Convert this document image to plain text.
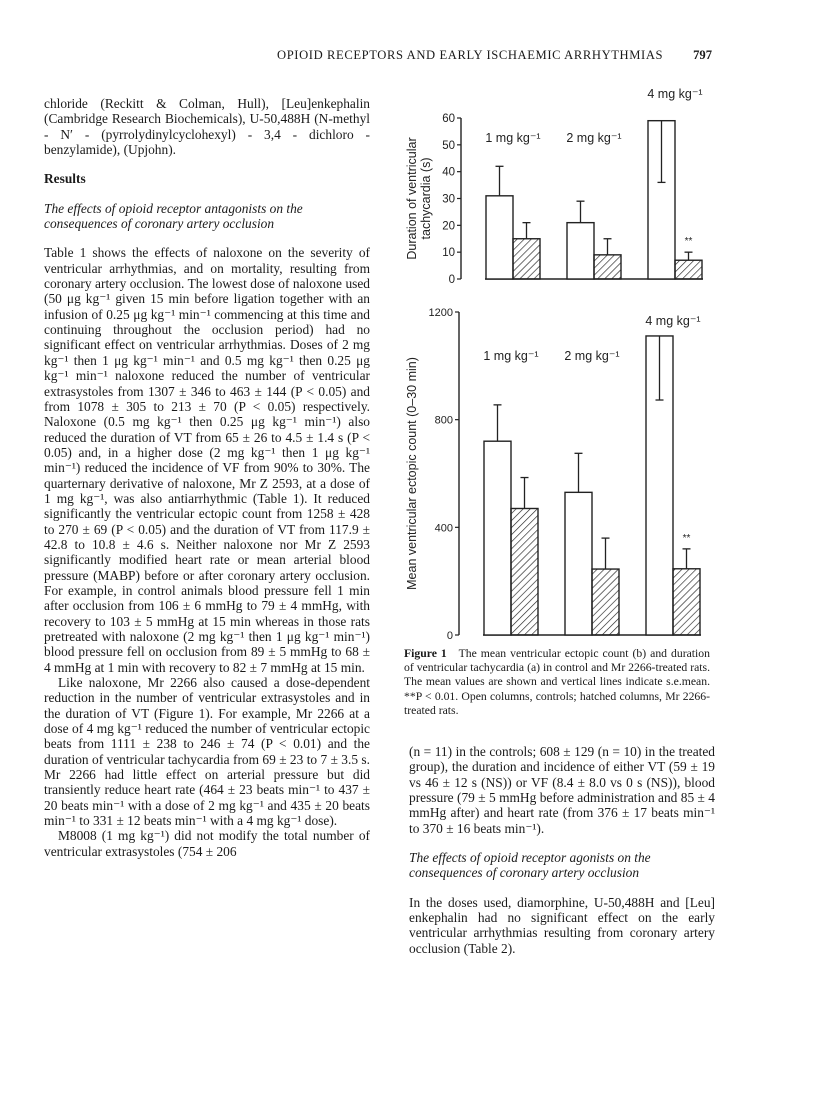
OPIOID RECEPTORS AND EARLY ISCHAEMIC ARRHYTHMIAS 797

chloride (Reckitt & Colman, Hull), [Leu]enkephalin (Cambridge Research Biochemicals), U-50,488H (N-methyl - N′ - (pyrrolydinylcyclohexyl) - 3,4 - dichloro - benzylamide), (Upjohn).

Results

The effects of opioid receptor antagonists on the consequences of coronary artery occlusion

Table 1 shows the effects of naloxone on the severity of ventricular arrhythmias, and on mortality, resulting from coronary artery occlusion. The lowest dose of naloxone used (50 μg kg⁻¹ given 15 min before ligation together with an infusion of 0.25 μg kg⁻¹ min⁻¹ commencing at this time and continuing throughout the occlusion period) had no significant effect on ventricular arrhythmias. Doses of 2 mg kg⁻¹ then 1 μg kg⁻¹ min⁻¹ and 0.5 mg kg⁻¹ then 0.25 μg kg⁻¹ min⁻¹ naloxone reduced the number of ventricular extrasystoles from 1307 ± 346 to 463 ± 144 (P < 0.05) and from 1078 ± 305 to 213 ± 70 (P < 0.05) respectively. Naloxone (0.5 mg kg⁻¹ then 0.25 μg kg⁻¹ min⁻¹) also reduced the duration of VT from 65 ± 26 to 4.5 ± 1.4 s (P < 0.05) and, in a higher dose (2 mg kg⁻¹ then 1 μg kg⁻¹ min⁻¹) reduced the incidence of VF from 90% to 30%. The quarternary derivative of naloxone, Mr Z 2593, at a dose of 1 mg kg⁻¹, was also antiarrhythmic (Table 1). It reduced significantly the ventricular ectopic count from 1258 ± 428 to 270 ± 69 (P < 0.05) and the duration of VT from 117.9 ± 42.8 to 10.8 ± 4.6 s. Neither naloxone nor Mr Z 2593 significantly modified heart rate or mean arterial blood pressure (MABP) before or after coronary artery occlusion. For example, in control animals blood pressure fell 1 min after occlusion from 106 ± 6 mmHg to 79 ± 4 mmHg, with recovery to 103 ± 5 mmHg at 15 min whereas in those rats pretreated with naloxone (2 mg kg⁻¹ then 1 μg kg⁻¹ min⁻¹) blood pressure fell on occlusion from 89 ± 5 mmHg to 68 ± 4 mmHg at 1 min with recovery to 82 ± 7 mmHg at 15 min.

Like naloxone, Mr 2266 also caused a dose-dependent reduction in the number of ventricular extrasystoles and in the duration of VT (Figure 1). For example, Mr 2266 at a dose of 4 mg kg⁻¹ reduced the number of ventricular ectopic beats from 1111 ± 238 to 246 ± 74 (P < 0.01) and the duration of ventricular tachycardia from 69 ± 23 to 7 ± 3.5 s. Mr 2266 had little effect on arterial pressure but did transiently reduce heart rate (464 ± 23 beats min⁻¹ to 437 ± 20 beats min⁻¹ with a dose of 2 mg kg⁻¹ and 435 ± 20 beats min⁻¹ to 331 ± 12 beats min⁻¹ with a 4 mg kg⁻¹ dose).

M8008 (1 mg kg⁻¹) did not modify the total number of ventricular extrasystoles (754 ± 206

0
10
20
30
40
50
60
Duration of ventricular tachycardia (s)
1 mg kg⁻¹ 2 mg kg⁻¹
4 mg kg⁻¹
**
0
400
800
1200
Mean ventricular ectopic count (0–30 min)
1 mg kg⁻¹ 2 mg kg⁻¹
4 mg kg⁻¹
**
Figure 1 The mean ventricular ectopic count (b) and duration of ventricular tachycardia (a) in control and Mr 2266-treated rats. The mean values are shown and vertical lines indicate s.e.mean. **P < 0.01. Open columns, controls; hatched columns, Mr 2266-treated rats.

(n = 11) in the controls; 608 ± 129 (n = 10) in the treated group), the duration and incidence of either VT (59 ± 19 vs 46 ± 12 s (NS)) or VF (8.4 ± 8.0 vs 0 s (NS)), blood pressure (79 ± 5 mmHg before administration and 85 ± 4 mmHg after) and heart rate (from 376 ± 17 beats min⁻¹ to 370 ± 16 beats min⁻¹).

The effects of opioid receptor agonists on the consequences of coronary artery occlusion

In the doses used, diamorphine, U-50,488H and [Leu] enkephalin had no significant effect on the early ventricular arrhythmias resulting from coronary artery occlusion (Table 2).
